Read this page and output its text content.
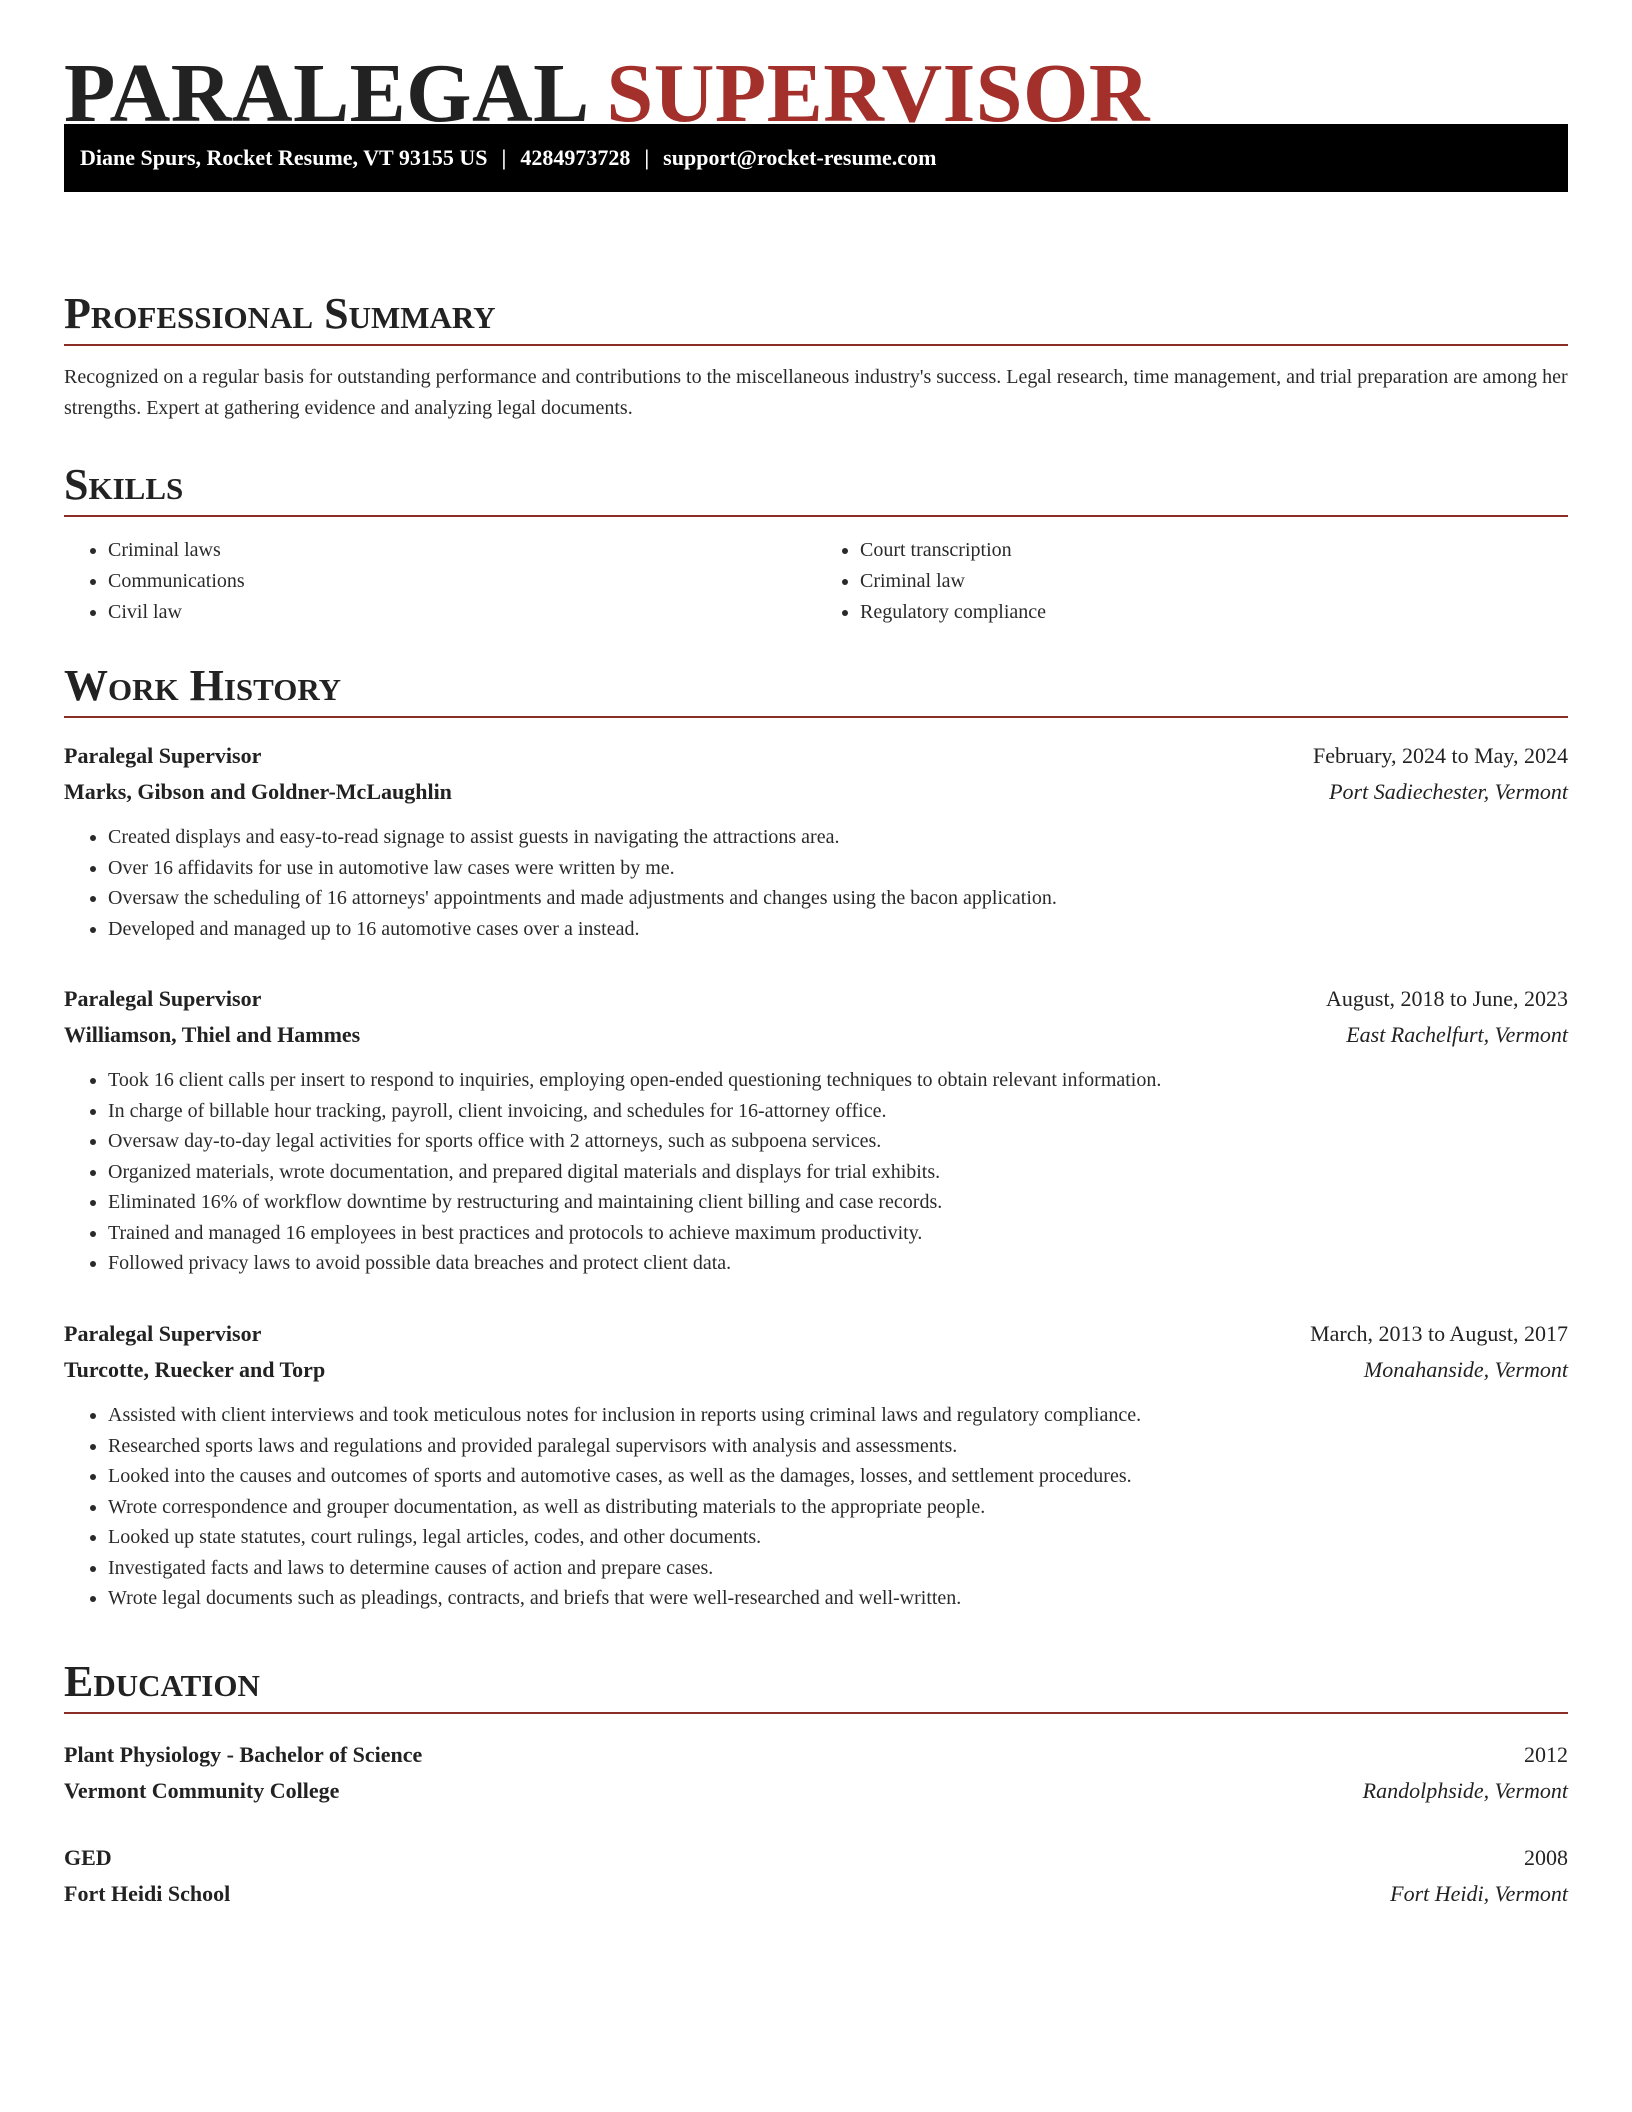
PARALEGAL SUPERVISOR
Diane Spurs, Rocket Resume, VT 93155 US | 4284973728 | support@rocket-resume.com
Professional Summary

Recognized on a regular basis for outstanding performance and contributions to the miscellaneous industry's success. Legal research, time management, and trial preparation are among her strengths. Expert at gathering evidence and analyzing legal documents.

Skills
• Criminal laws
• Communications
• Civil law
• Court transcription
• Criminal law
• Regulatory compliance
Work History
Paralegal Supervisor	February, 2024 to May, 2024
Marks, Gibson and Goldner-McLaughlin	Port Sadiechester, Vermont
• Created displays and easy-to-read signage to assist guests in navigating the attractions area.
• Over 16 affidavits for use in automotive law cases were written by me.
• Oversaw the scheduling of 16 attorneys' appointments and made adjustments and changes using the bacon application.
• Developed and managed up to 16 automotive cases over a instead.
Paralegal Supervisor	August, 2018 to June, 2023
Williamson, Thiel and Hammes	East Rachelfurt, Vermont
• Took 16 client calls per insert to respond to inquiries, employing open-ended questioning techniques to obtain relevant information.
• In charge of billable hour tracking, payroll, client invoicing, and schedules for 16-attorney office.
• Oversaw day-to-day legal activities for sports office with 2 attorneys, such as subpoena services.
• Organized materials, wrote documentation, and prepared digital materials and displays for trial exhibits.
• Eliminated 16% of workflow downtime by restructuring and maintaining client billing and case records.
• Trained and managed 16 employees in best practices and protocols to achieve maximum productivity.
• Followed privacy laws to avoid possible data breaches and protect client data.
Paralegal Supervisor	March, 2013 to August, 2017
Turcotte, Ruecker and Torp	Monahanside, Vermont
• Assisted with client interviews and took meticulous notes for inclusion in reports using criminal laws and regulatory compliance.
• Researched sports laws and regulations and provided paralegal supervisors with analysis and assessments.
• Looked into the causes and outcomes of sports and automotive cases, as well as the damages, losses, and settlement procedures.
• Wrote correspondence and grouper documentation, as well as distributing materials to the appropriate people.
• Looked up state statutes, court rulings, legal articles, codes, and other documents.
• Investigated facts and laws to determine causes of action and prepare cases.
• Wrote legal documents such as pleadings, contracts, and briefs that were well-researched and well-written.
Education
Plant Physiology - Bachelor of Science	2012
Vermont Community College	Randolphside, Vermont
GED	2008
Fort Heidi School	Fort Heidi, Vermont
